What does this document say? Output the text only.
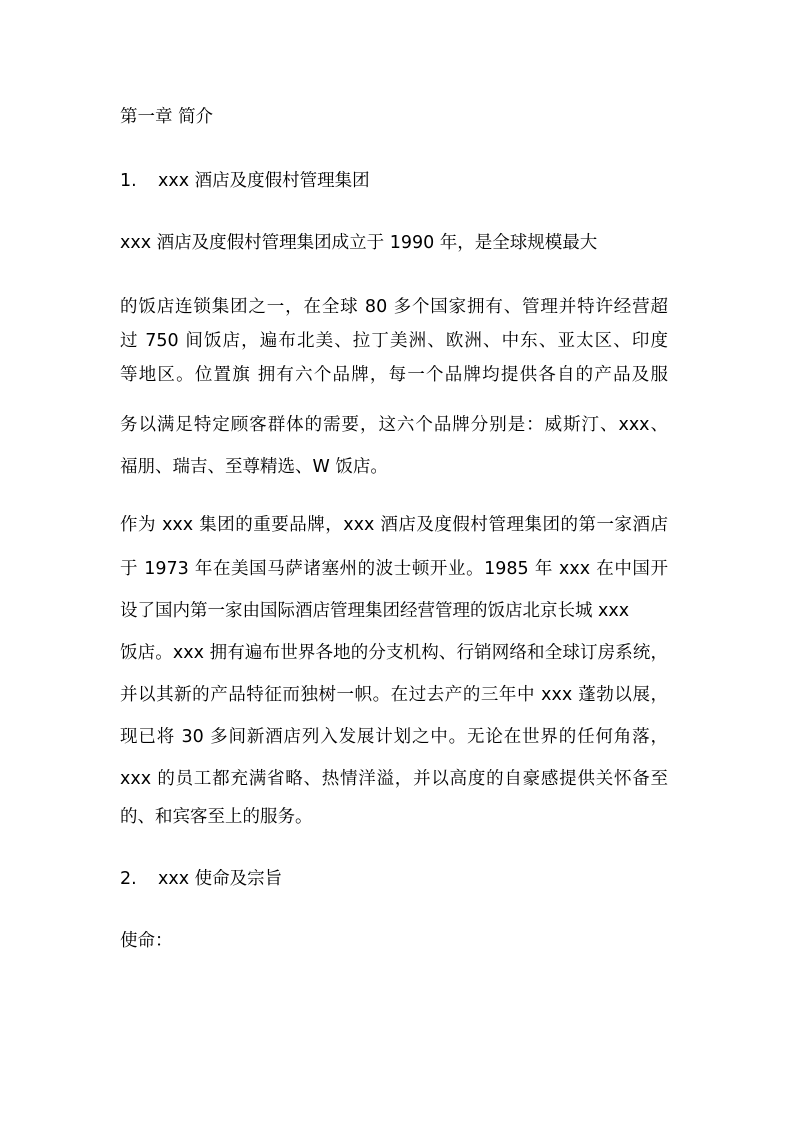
第一章 简介
1. xxx 酒店及度假村管理集团
xxx 酒店及度假村管理集团成立于 1990 年，是全球规模最大
的饭店连锁集团之一，在全球 80 多个国家拥有、管理并特许经营超
过 750 间饭店，遍布北美、拉丁美洲、欧洲、中东、亚太区、印度
等地区。位置旗 拥有六个品牌，每一个品牌均提供各自的产品及服
务以满足特定顾客群体的需要，这六个品牌分别是：威斯汀、xxx、
福朋、瑞吉、至尊精选、W 饭店。
作为 xxx 集团的重要品牌，xxx 酒店及度假村管理集团的第一家酒店
于 1973 年在美国马萨诸塞州的波士顿开业。1985 年 xxx 在中国开
设了国内第一家由国际酒店管理集团经营管理的饭店北京长城 xxx
饭店。xxx 拥有遍布世界各地的分支机构、行销网络和全球订房系统，
并以其新的产品特征而独树一帜。在过去产的三年中 xxx 蓬勃以展，
现已将 30 多间新酒店列入发展计划之中。无论在世界的任何角落，
xxx 的员工都充满省略、热情洋溢，并以高度的自豪感提供关怀备至
的、和宾客至上的服务。
2. xxx 使命及宗旨
使命：
